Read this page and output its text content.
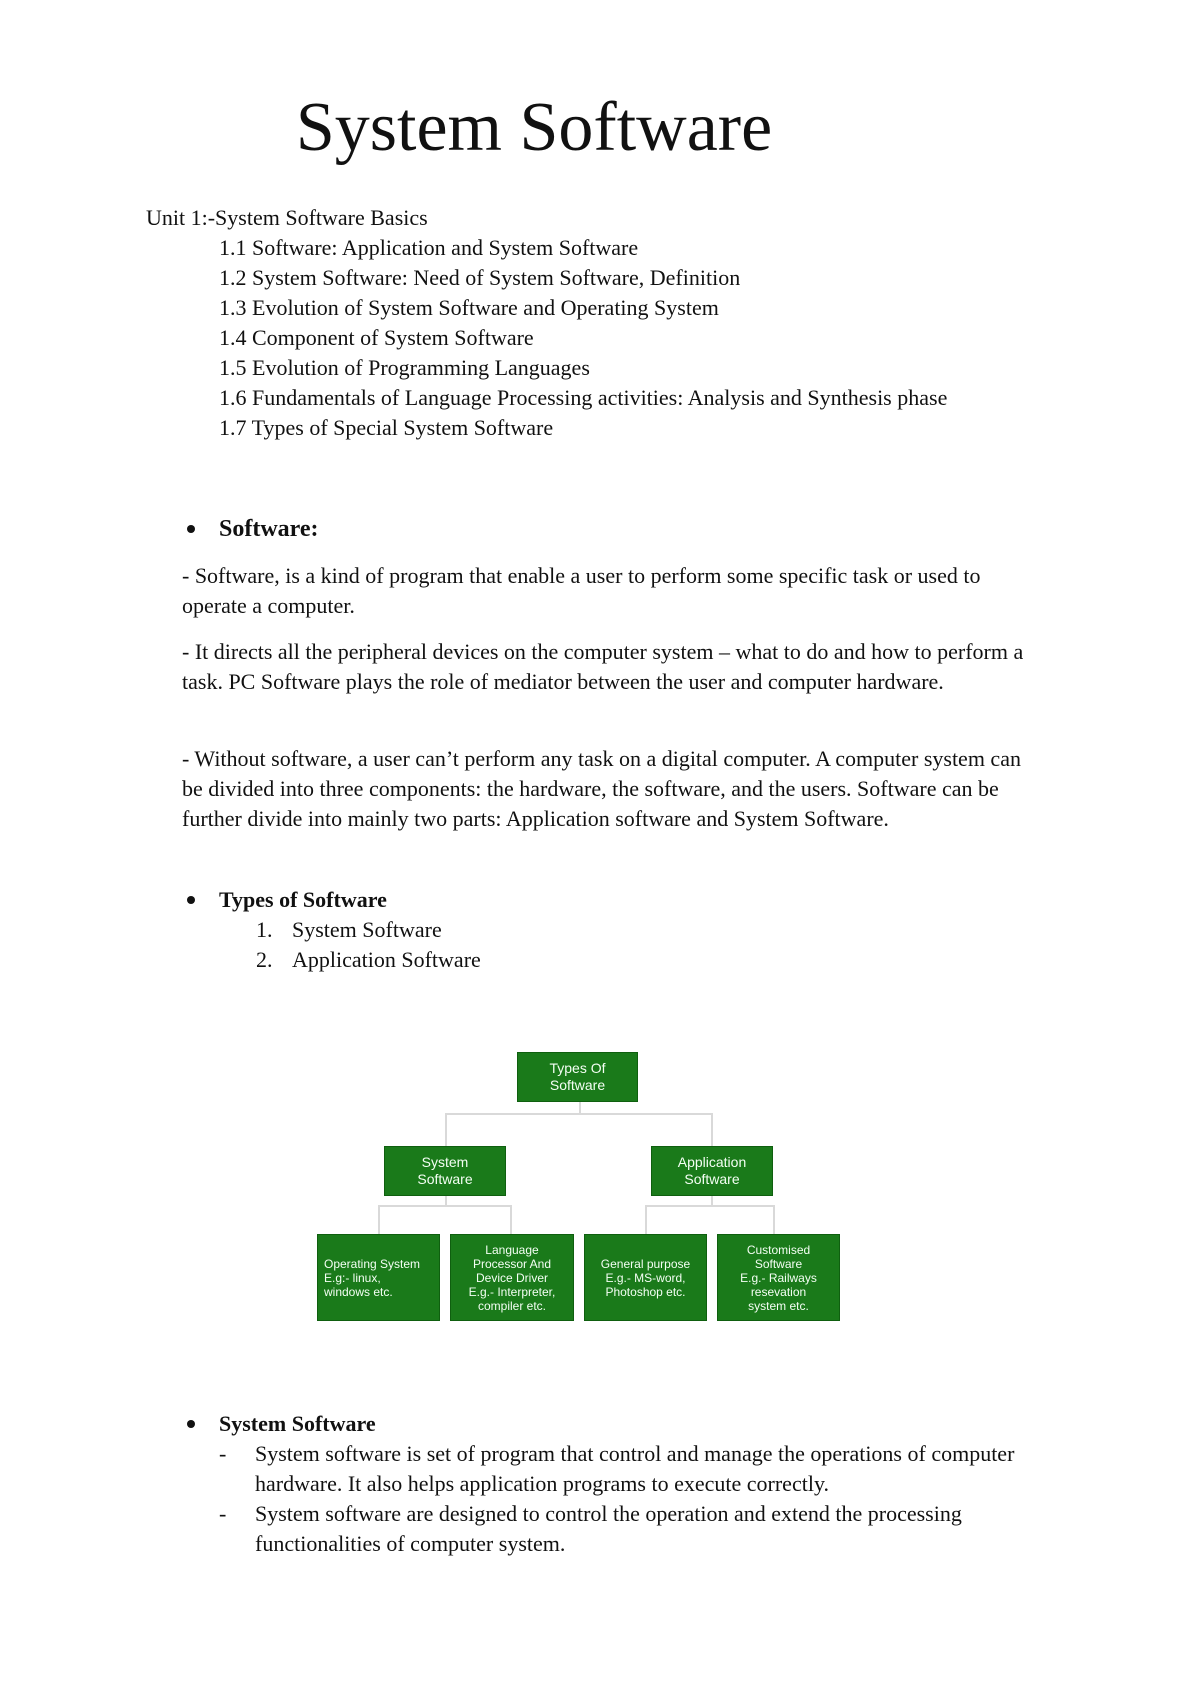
System Software

Unit 1:-System Software Basics

1.1 Software: Application and System Software
1.2 System Software: Need of System Software, Definition
1.3 Evolution of System Software and Operating System
1.4 Component of System Software
1.5 Evolution of Programming Languages
1.6 Fundamentals of Language Processing activities: Analysis and Synthesis phase
1.7 Types of Special System Software
Software:

- Software, is a kind of program that enable a user to perform some specific task or used to operate a computer.

- It directs all the peripheral devices on the computer system – what to do and how to perform a task. PC Software plays the role of mediator between the user and computer hardware.

- Without software, a user can’t perform any task on a digital computer. A computer system can be divided into three components: the hardware, the software, and the users. Software can be further divide into mainly two parts: Application software and System Software.

Types of Software
1. System Software
2. Application Software
Types Of
Software
System
Software
Application
Software
Operating System
E.g:- linux,
windows etc.
Language
Processor And
Device Driver
E.g.- Interpreter,
compiler etc.
General purpose
E.g.- MS-word,
Photoshop etc.
Customised
Software
E.g.- Railways
resevation
system etc.
System Software
- System software is set of program that control and manage the operations of computer hardware. It also helps application programs to execute correctly.
- System software are designed to control the operation and extend the processing functionalities of computer system.
